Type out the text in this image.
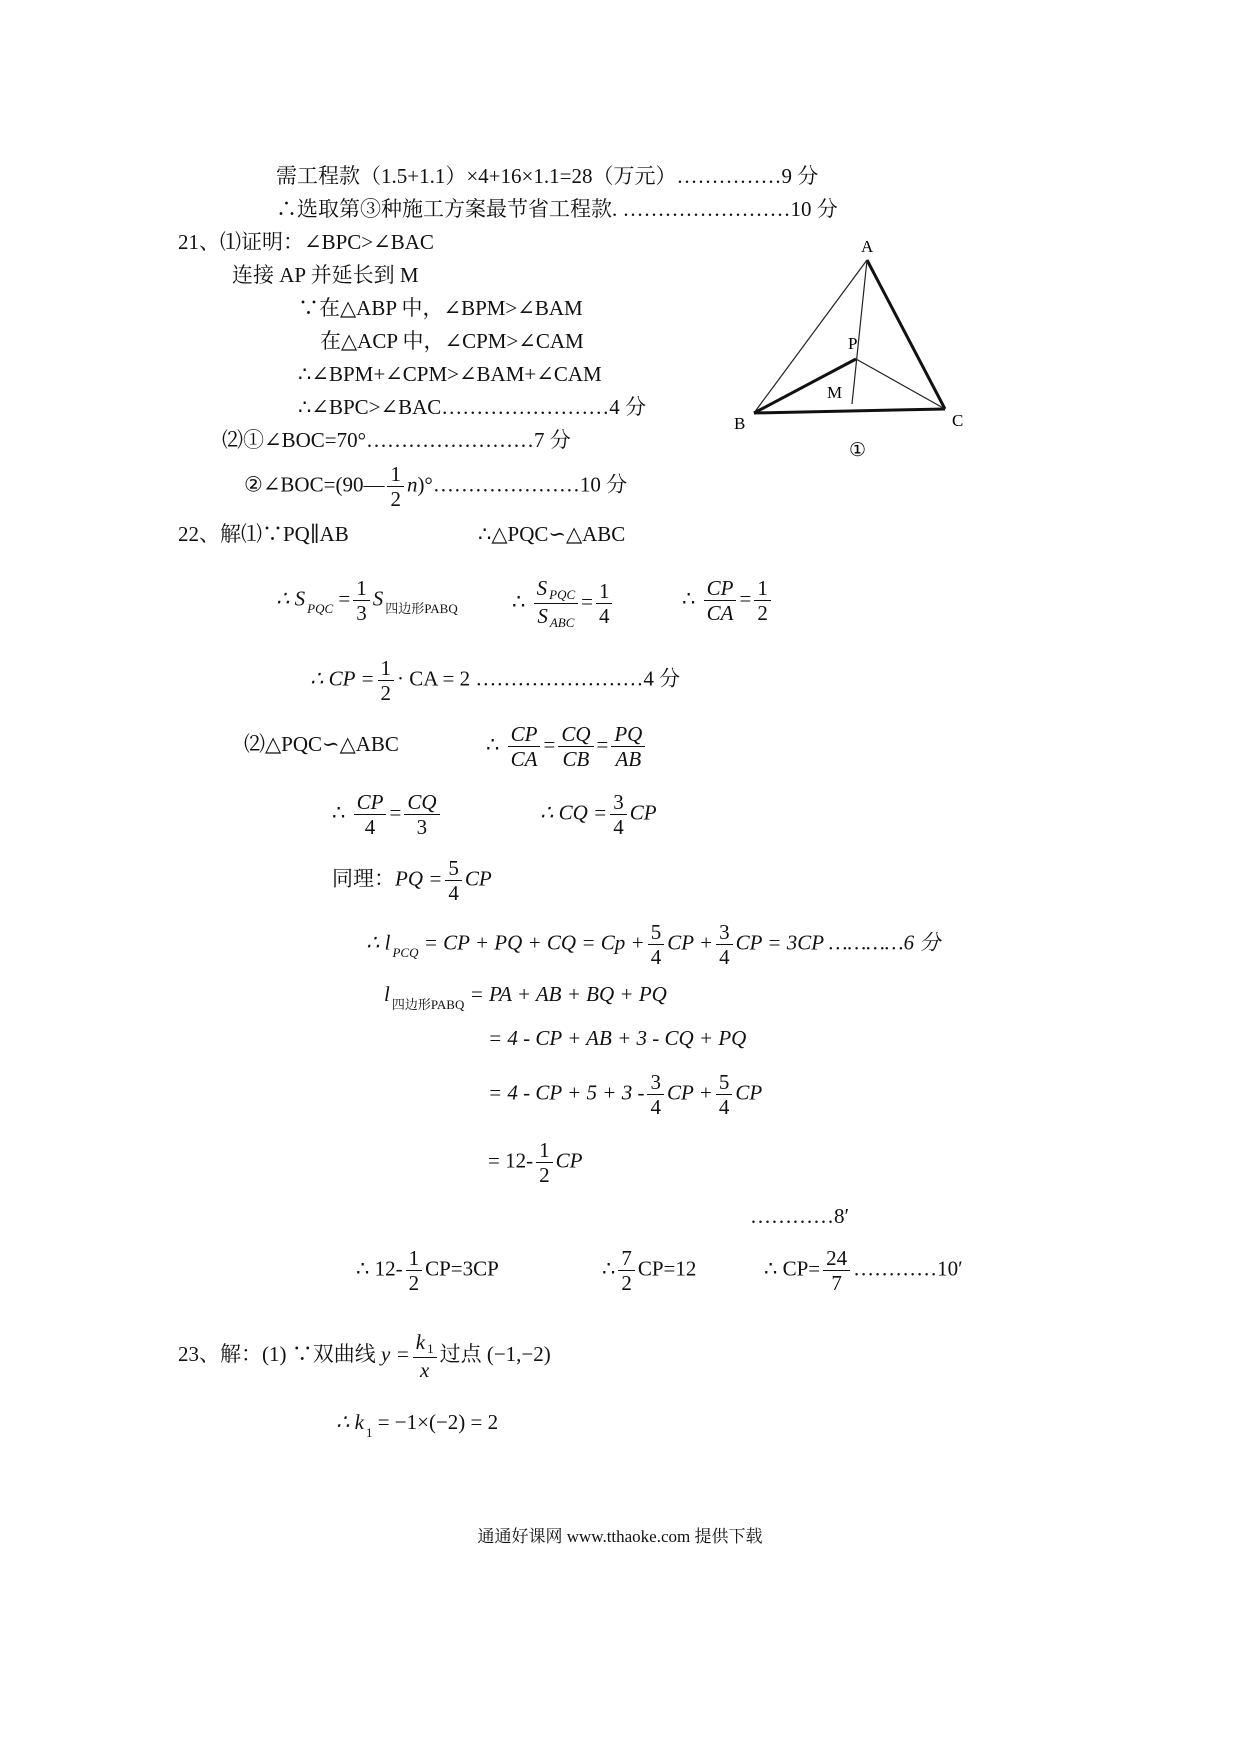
需工程款（1.5+1.1）×4+16×1.1=28（万元）……………9 分
∴选取第③种施工方案最节省工程款. ……………………10 分
21、⑴证明：∠BPC>∠BAC
连接 AP 并延长到 M
∵在△ABP 中，∠BPM>∠BAM
在△ACP 中，∠CPM>∠CAM
∴∠BPM+∠CPM>∠BAM+∠CAM
∴∠BPC>∠BAC……………………4 分
⑵①∠BOC=70°……………………7 分
②∠BOC=(90— $\frac{1}{2}$ n)°…………………10 分
A
B	C
P
M
①
22、解⑴∵PQ∥AB	∴△PQC∽△ABC
∴ S $_{PQC} = \frac{1}{3}$ S $_{四边形PABQ}$	∴ $\frac{\text{S PQC}}{\text{S ABC}} = \frac{1}{4}$	∴ $\frac{CP}{CA} = \frac{1}{2}$
∴ CP = $\frac{1}{2}$ · CA = 2 ……………………4 分
⑵△PQC∽△ABC	∴ $\frac{CP}{CA} = \frac{CQ}{CB} = \frac{PQ}{AB}$
∴ $\frac{CP}{4} = \frac{CQ}{3}$	∴ CQ = $\frac{3}{4}$ CP
同理：PQ = $\frac{5}{4}$ CP
∴ l $_{PCQ}$ = CP + PQ + CQ = $Cp + \frac{5}{4}$ CP + $\frac{3}{4}$ CP = 3CP …………6 分
l $_{四边形PABQ}$ = PA + AB + BQ + PQ
= 4 - CP + AB + 3 - CQ + PQ
= 4 - CP + $5 + 3 - \frac{3}{4}$ CP + $\frac{5}{4}$ CP
= $12- \frac{1}{2}$ CP
…………8′
∴ $12- \frac{1}{2} CP=3CP$	∴ $\frac{7}{2} CP=12$	∴ $CP= \frac{24}{7}$ …………10′
23、解：(1) ∵双曲线 $y = \frac{k 1}{x}$ 过点 (−1,−2)
∴ k $_1$ = −1×(−2) = 2
通通好课网 www.tthaoke.com 提供下载
